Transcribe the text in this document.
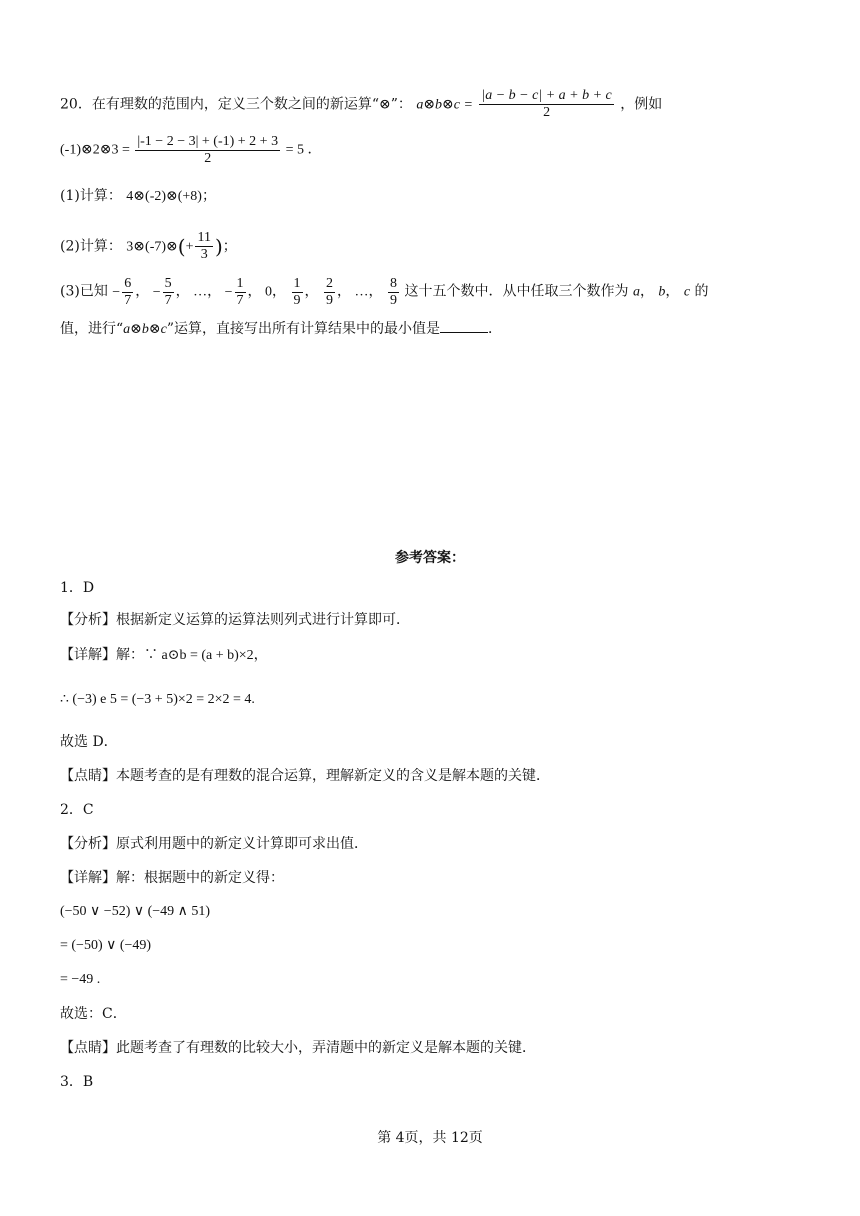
20．在有理数的范围内，定义三个数之间的新运算“⊗”： a⊗b⊗c = $\frac{|a - b - c| + a + b + c}{2}$ ，例如
(-1)⊗2⊗3 = $\frac{|-1 - 2 - 3| + (-1) + 2 + 3}{2} = 5$ ．
(1)计算： 4⊗(-2)⊗(+8)；
(2)计算： 3⊗(-7)⊗(+ $\frac{11}{3}$ )；
(3)已知 − $\frac{6}{7}$ ， − $\frac{5}{7}$ ， …， − $\frac{1}{7}$ ， 0， $\frac{1}{9}$ ， $\frac{2}{9}$ ， …， $\frac{8}{9}$ 这十五个数中．从中任取三个数作为 a， b， c 的
值，进行“a⊗b⊗c”运算，直接写出所有计算结果中的最小值是	．
参考答案：
1．D
【分析】根据新定义运算的运算法则列式进行计算即可．
【详解】解：∵ a⊙b = (a + b)×2，
∴ (−3) e 5 = (−3 + 5)×2 = 2×2 = 4.
故选 D．
【点睛】本题考查的是有理数的混合运算，理解新定义的含义是解本题的关键．
2．C
【分析】原式利用题中的新定义计算即可求出值．
【详解】解：根据题中的新定义得：
(−50 ∨ −52) ∨ (−49 ∧ 51)
= (−50) ∨ (−49)
= −49 .
故选：C．
【点睛】此题考查了有理数的比较大小，弄清题中的新定义是解本题的关键．
3．B
第 4页，共 12页
